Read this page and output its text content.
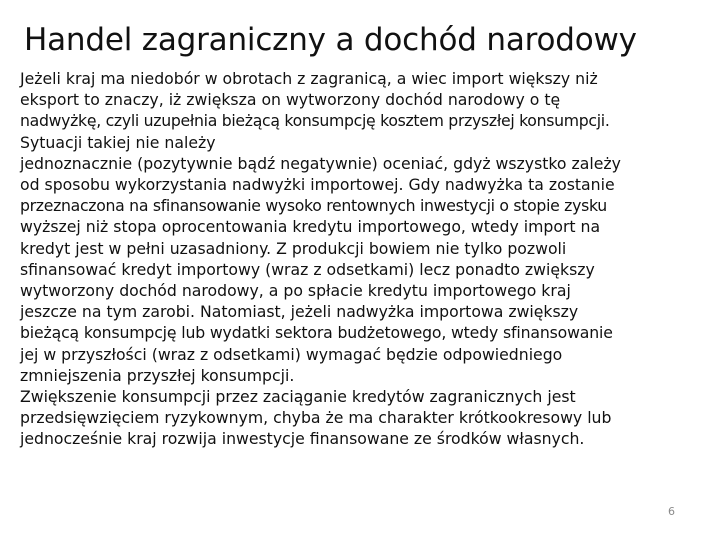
Handel zagraniczny a dochód narodowy

Jeżeli kraj ma niedobór w obrotach z zagranicą, a wiec import większy niż
eksport to znaczy, iż zwiększa on wytworzony dochód narodowy o tę
nadwyżkę, czyli uzupełnia bieżącą konsumpcję kosztem przyszłej konsumpcji.
Sytuacji takiej nie należy

jednoznacznie (pozytywnie bądź negatywnie) oceniać, gdyż wszystko zależy
od sposobu wykorzystania nadwyżki importowej. Gdy nadwyżka ta zostanie
przeznaczona na sfinansowanie wysoko rentownych inwestycji o stopie zysku
wyższej niż stopa oprocentowania kredytu importowego, wtedy import na
kredyt jest w pełni uzasadniony. Z produkcji bowiem nie tylko pozwoli
sfinansować kredyt importowy (wraz z odsetkami) lecz ponadto zwiększy
wytworzony dochód narodowy, a po spłacie kredytu importowego kraj
jeszcze na tym zarobi. Natomiast, jeżeli nadwyżka importowa zwiększy
bieżącą konsumpcję lub wydatki sektora budżetowego, wtedy sfinansowanie
jej w przyszłości (wraz z odsetkami) wymagać będzie odpowiedniego
zmniejszenia przyszłej konsumpcji.

Zwiększenie konsumpcji przez zaciąganie kredytów zagranicznych jest
przedsięwzięciem ryzykownym, chyba że ma charakter krótkookresowy lub
jednocześnie kraj rozwija inwestycje finansowane ze środków własnych.

6
